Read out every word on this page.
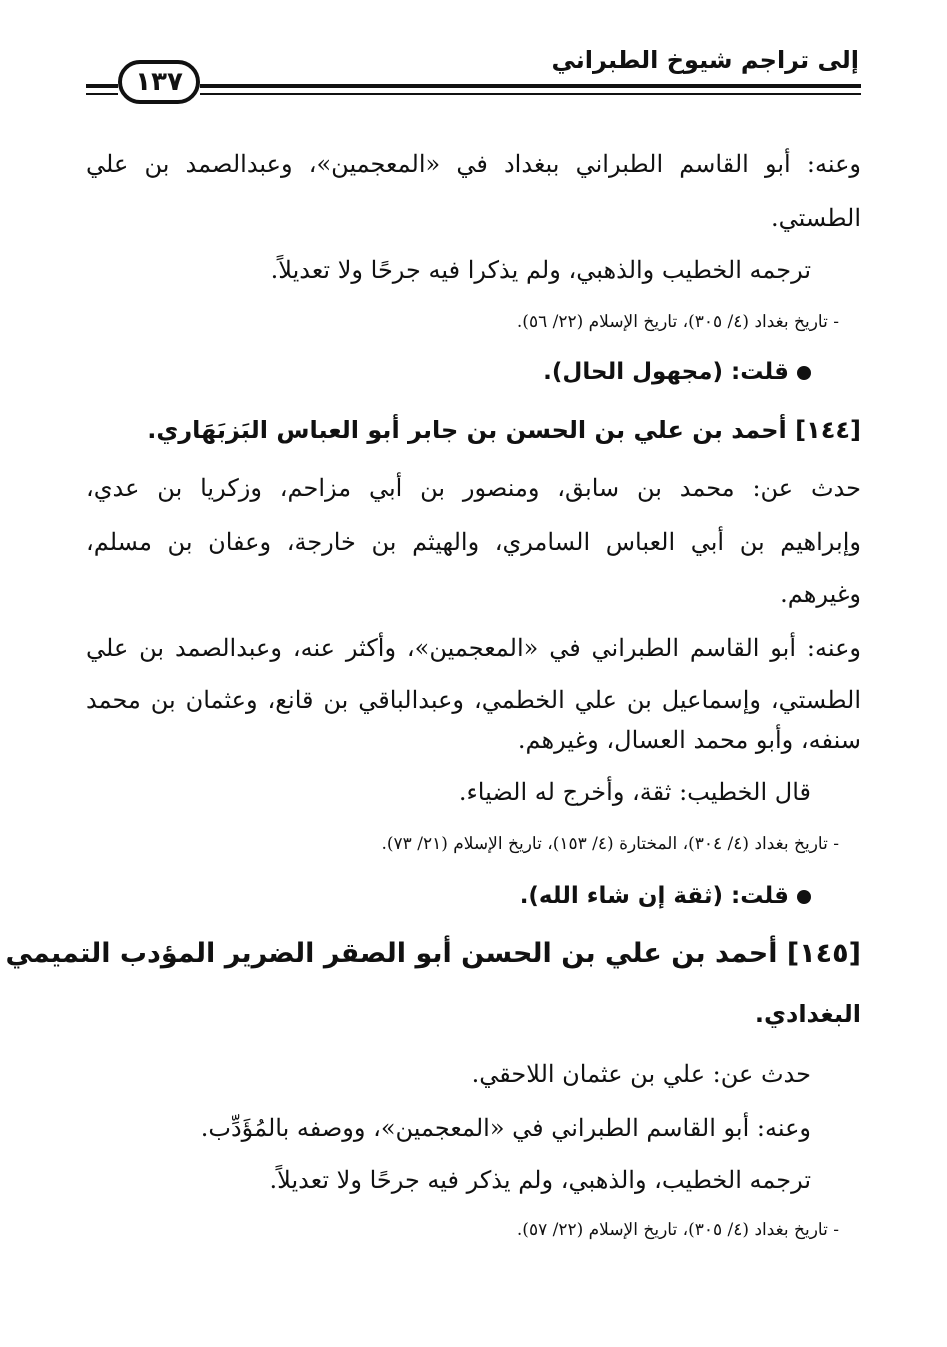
إلى تراجم شيوخ الطبراني
١٣٧
وعنه: أبو القاسم الطبراني ببغداد في «المعجمين»، وعبدالصمد بن علي
الطستي.
ترجمه الخطيب والذهبي، ولم يذكرا فيه جرحًا ولا تعديلاً.
- تاريخ بغداد (٤/ ٣٠٥)، تاريخ الإسلام (٢٢/ ٥٦).
قلت: (مجهول الحال).
[١٤٤] أحمد بن علي بن الحسن بن جابر أبو العباس البَزبَهَاري.
حدث عن: محمد بن سابق، ومنصور بن أبي مزاحم، وزكريا بن عدي،
وإبراهيم بن أبي العباس السامري، والهيثم بن خارجة، وعفان بن مسلم،
وغيرهم.
وعنه: أبو القاسم الطبراني في «المعجمين»، وأكثر عنه، وعبدالصمد بن علي
الطستي، وإسماعيل بن علي الخطمي، وعبدالباقي بن قانع، وعثمان بن محمد
سنفه، وأبو محمد العسال، وغيرهم.
قال الخطيب: ثقة، وأخرج له الضياء.
- تاريخ بغداد (٤/ ٣٠٤)، المختارة (٤/ ١٥٣)، تاريخ الإسلام (٢١/ ٧٣).
قلت: (ثقة إن شاء الله).
[١٤٥] أحمد بن علي بن الحسن أبو الصقر الضرير المؤدب التميمي
البغدادي.
حدث عن: علي بن عثمان اللاحقي.
وعنه: أبو القاسم الطبراني في «المعجمين»، ووصفه بالمُؤَدِّب.
ترجمه الخطيب، والذهبي، ولم يذكر فيه جرحًا ولا تعديلاً.
- تاريخ بغداد (٤/ ٣٠٥)، تاريخ الإسلام (٢٢/ ٥٧).
